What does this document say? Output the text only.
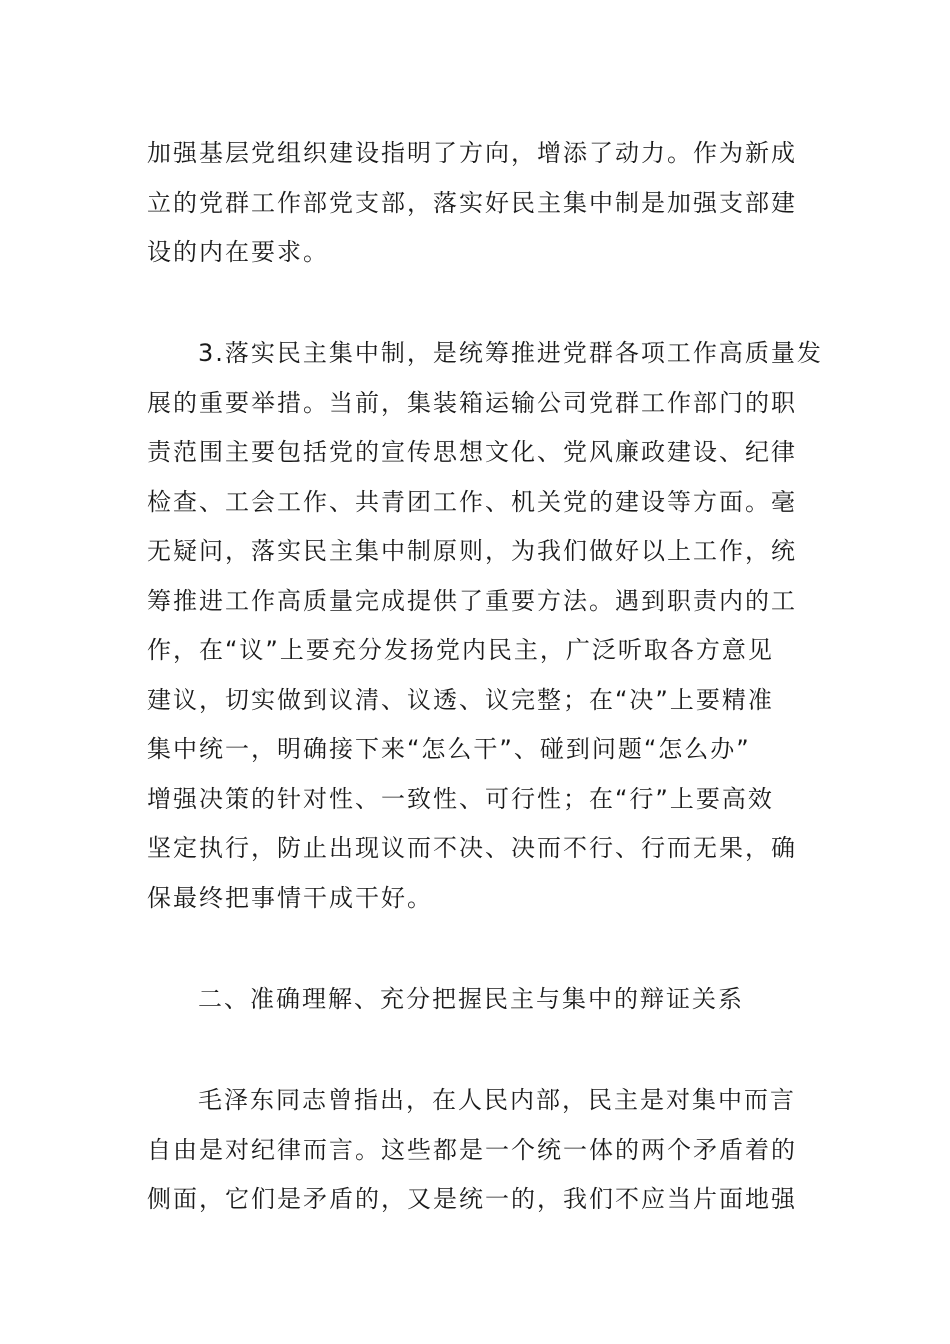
加强基层党组织建设指明了方向，增添了动力。作为新成

立的党群工作部党支部，落实好民主集中制是加强支部建

设的内在要求。

3.落实民主集中制，是统筹推进党群各项工作高质量发

展的重要举措。当前，集装箱运输公司党群工作部门的职

责范围主要包括党的宣传思想文化、党风廉政建设、纪律

检查、工会工作、共青团工作、机关党的建设等方面。毫

无疑问，落实民主集中制原则，为我们做好以上工作，统

筹推进工作高质量完成提供了重要方法。遇到职责内的工

作，在“议”上要充分发扬党内民主，广泛听取各方意见

建议，切实做到议清、议透、议完整；在“决”上要精准

集中统一，明确接下来“怎么干”、碰到问题“怎么办”

增强决策的针对性、一致性、可行性；在“行”上要高效

坚定执行，防止出现议而不决、决而不行、行而无果，确

保最终把事情干成干好。

二、准确理解、充分把握民主与集中的辩证关系

毛泽东同志曾指出，在人民内部，民主是对集中而言

自由是对纪律而言。这些都是一个统一体的两个矛盾着的

侧面，它们是矛盾的，又是统一的，我们不应当片面地强
